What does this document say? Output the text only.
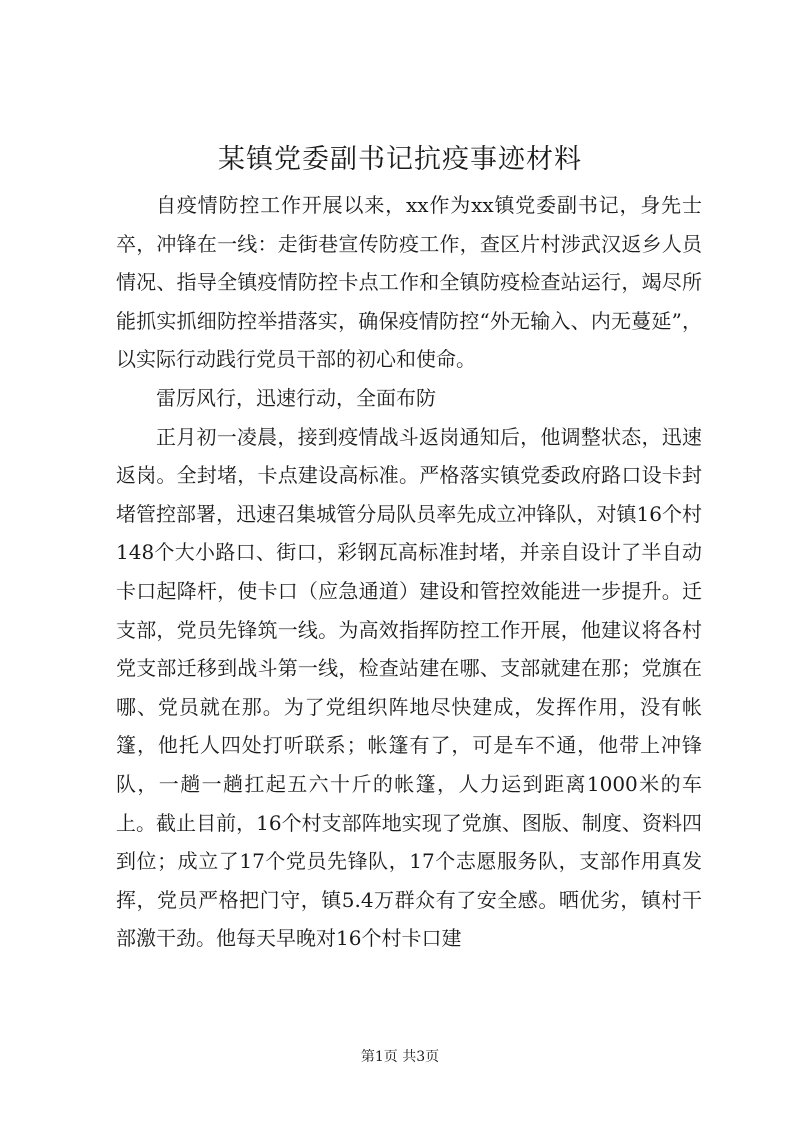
某镇党委副书记抗疫事迹材料

自疫情防控工作开展以来，xx作为xx镇党委副书记，身先士卒，冲锋在一线：走街巷宣传防疫工作，查区片村涉武汉返乡人员情况、指导全镇疫情防控卡点工作和全镇防疫检查站运行，竭尽所能抓实抓细防控举措落实，确保疫情防控“外无输入、内无蔓延”，以实际行动践行党员干部的初心和使命。

雷厉风行，迅速行动，全面布防

正月初一凌晨，接到疫情战斗返岗通知后，他调整状态，迅速返岗。全封堵，卡点建设高标准。严格落实镇党委政府路口设卡封堵管控部署，迅速召集城管分局队员率先成立冲锋队，对镇16个村148个大小路口、街口，彩钢瓦高标准封堵，并亲自设计了半自动卡口起降杆，使卡口（应急通道）建设和管控效能进一步提升。迁支部，党员先锋筑一线。为高效指挥防控工作开展，他建议将各村党支部迁移到战斗第一线，检查站建在哪、支部就建在那；党旗在哪、党员就在那。为了党组织阵地尽快建成，发挥作用，没有帐篷，他托人四处打听联系；帐篷有了，可是车不通，他带上冲锋队，一趟一趟扛起五六十斤的帐篷，人力运到距离1000米的车上。截止目前，16个村支部阵地实现了党旗、图版、制度、资料四到位；成立了17个党员先锋队，17个志愿服务队，支部作用真发挥，党员严格把门守，镇5.4万群众有了安全感。晒优劣，镇村干部激干劲。他每天早晚对16个村卡口建

第1页 共3页
